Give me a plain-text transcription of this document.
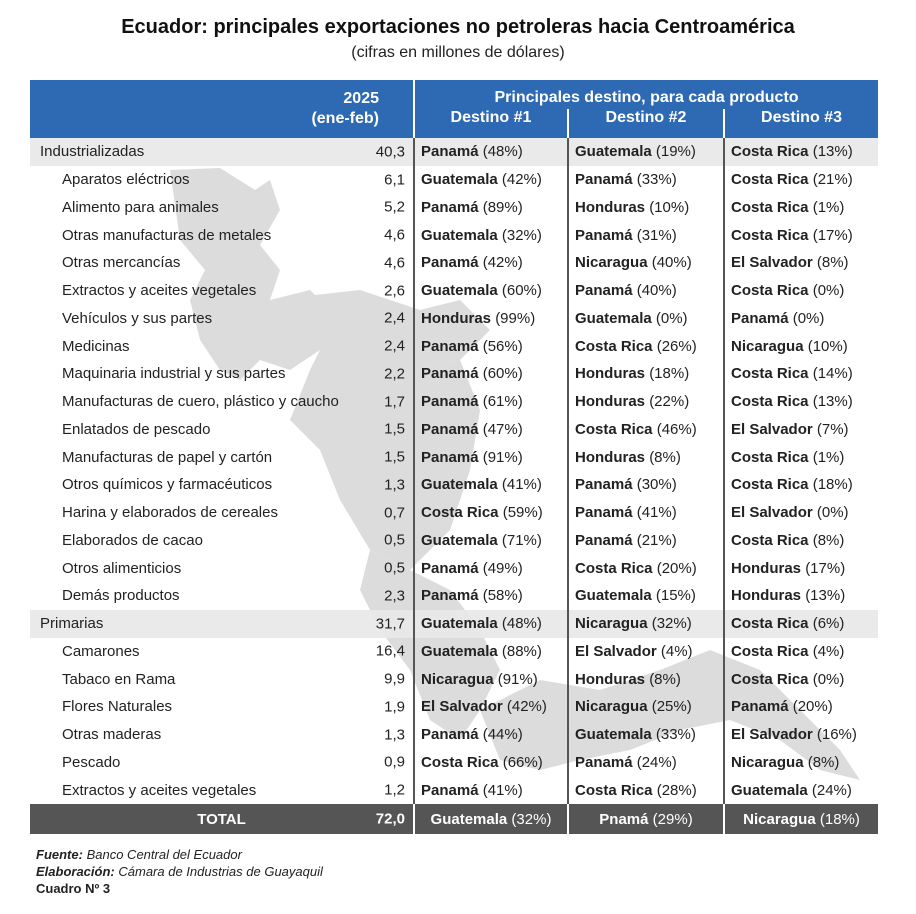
Ecuador: principales exportaciones no petroleras hacia Centroamérica
(cifras en millones de dólares)
2025
(ene-feb)	Principales destino, para cada producto		
	Destino #1	Destino #2	Destino #3
Industrializadas 40,3	Panamá (48%)	Guatemala (19%)	Costa Rica (13%)
Aparatos eléctricos 6,1	Guatemala (42%)	Panamá (33%)	Costa Rica (21%)
Alimento para animales 5,2	Panamá (89%)	Honduras (10%)	Costa Rica (1%)
Otras manufacturas de metales 4,6	Guatemala (32%)	Panamá (31%)	Costa Rica (17%)
Otras mercancías 4,6	Panamá (42%)	Nicaragua (40%)	El Salvador (8%)
Extractos y aceites vegetales 2,6	Guatemala (60%)	Panamá (40%)	Costa Rica (0%)
Vehículos y sus partes 2,4	Honduras (99%)	Guatemala (0%)	Panamá (0%)
Medicinas 2,4	Panamá (56%)	Costa Rica (26%)	Nicaragua (10%)
Maquinaria industrial y sus partes 2,2	Panamá (60%)	Honduras (18%)	Costa Rica (14%)
Manufacturas de cuero, plástico y caucho 1,7	Panamá (61%)	Honduras (22%)	Costa Rica (13%)
Enlatados de pescado 1,5	Panamá (47%)	Costa Rica (46%)	El Salvador (7%)
Manufacturas de papel y cartón 1,5	Panamá (91%)	Honduras (8%)	Costa Rica (1%)
Otros químicos y farmacéuticos 1,3	Guatemala (41%)	Panamá (30%)	Costa Rica (18%)
Harina y elaborados de cereales 0,7	Costa Rica (59%)	Panamá (41%)	El Salvador (0%)
Elaborados de cacao 0,5	Guatemala (71%)	Panamá (21%)	Costa Rica (8%)
Otros alimenticios 0,5	Panamá (49%)	Costa Rica (20%)	Honduras (17%)
Demás productos 2,3	Panamá (58%)	Guatemala (15%)	Honduras (13%)
Primarias 31,7	Guatemala (48%)	Nicaragua (32%)	Costa Rica (6%)
Camarones 16,4	Guatemala (88%)	El Salvador (4%)	Costa Rica (4%)
Tabaco en Rama 9,9	Nicaragua (91%)	Honduras (8%)	Costa Rica (0%)
Flores Naturales 1,9	El Salvador (42%)	Nicaragua (25%)	Panamá (20%)
Otras maderas 1,3	Panamá (44%)	Guatemala (33%)	El Salvador (16%)
Pescado 0,9	Costa Rica (66%)	Panamá (24%)	Nicaragua (8%)
Extractos y aceites vegetales 1,2	Panamá (41%)	Costa Rica (28%)	Guatemala (24%)
TOTAL 72,0	Guatemala (32%)	Pnamá (29%)	Nicaragua (18%)
Fuente: Banco Central del Ecuador
Elaboración: Cámara de Industrias de Guayaquil
Cuadro Nº 3
